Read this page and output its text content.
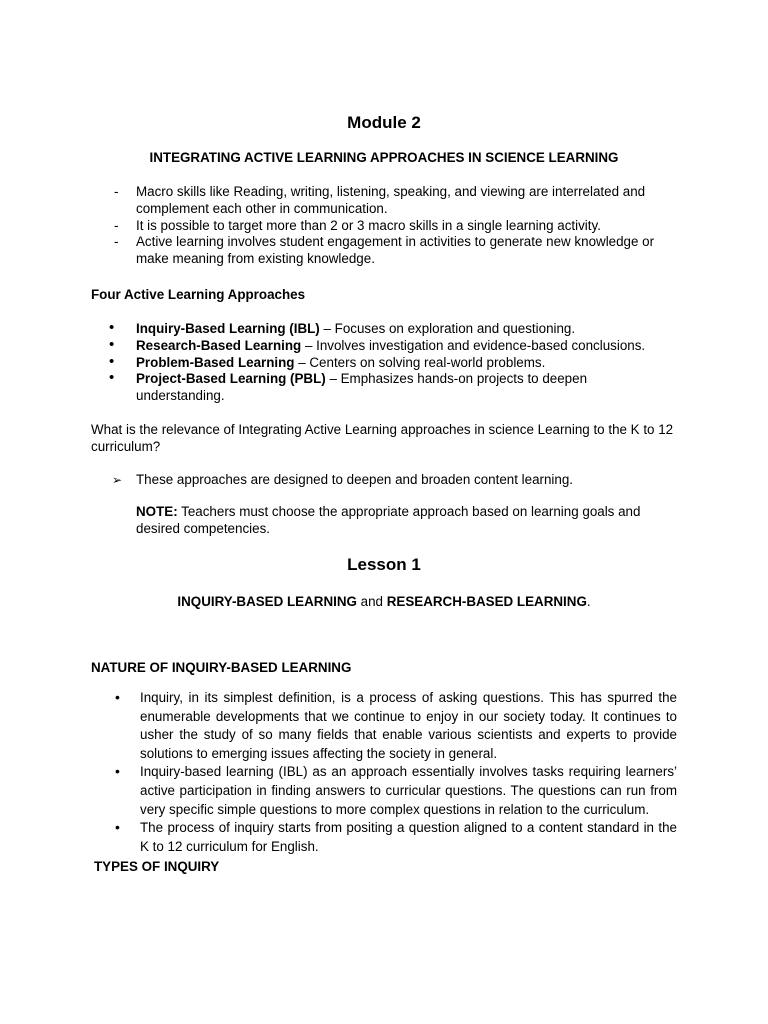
Module 2
INTEGRATING ACTIVE LEARNING APPROACHES IN SCIENCE LEARNING
- Macro skills like Reading, writing, listening, speaking, and viewing are interrelated and complement each other in communication.
- It is possible to target more than 2 or 3 macro skills in a single learning activity.
- Active learning involves student engagement in activities to generate new knowledge or make meaning from existing knowledge.
Four Active Learning Approaches
• Inquiry-Based Learning (IBL) – Focuses on exploration and questioning.
• Research-Based Learning – Involves investigation and evidence-based conclusions.
• Problem-Based Learning – Centers on solving real-world problems.
• Project-Based Learning (PBL) – Emphasizes hands-on projects to deepen understanding.
What is the relevance of Integrating Active Learning approaches in science Learning to the K to 12 curriculum?
➢ These approaches are designed to deepen and broaden content learning.
NOTE: Teachers must choose the appropriate approach based on learning goals and desired competencies.
Lesson 1
INQUIRY-BASED LEARNING and RESEARCH-BASED LEARNING.
NATURE OF INQUIRY-BASED LEARNING
• Inquiry, in its simplest definition, is a process of asking questions. This has spurred the enumerable developments that we continue to enjoy in our society today. It continues to usher the study of so many fields that enable various scientists and experts to provide solutions to emerging issues affecting the society in general.
• Inquiry-based learning (IBL) as an approach essentially involves tasks requiring learners’ active participation in finding answers to curricular questions. The questions can run from very specific simple questions to more complex questions in relation to the curriculum.
• The process of inquiry starts from positing a question aligned to a content standard in the K to 12 curriculum for English.
TYPES OF INQUIRY
